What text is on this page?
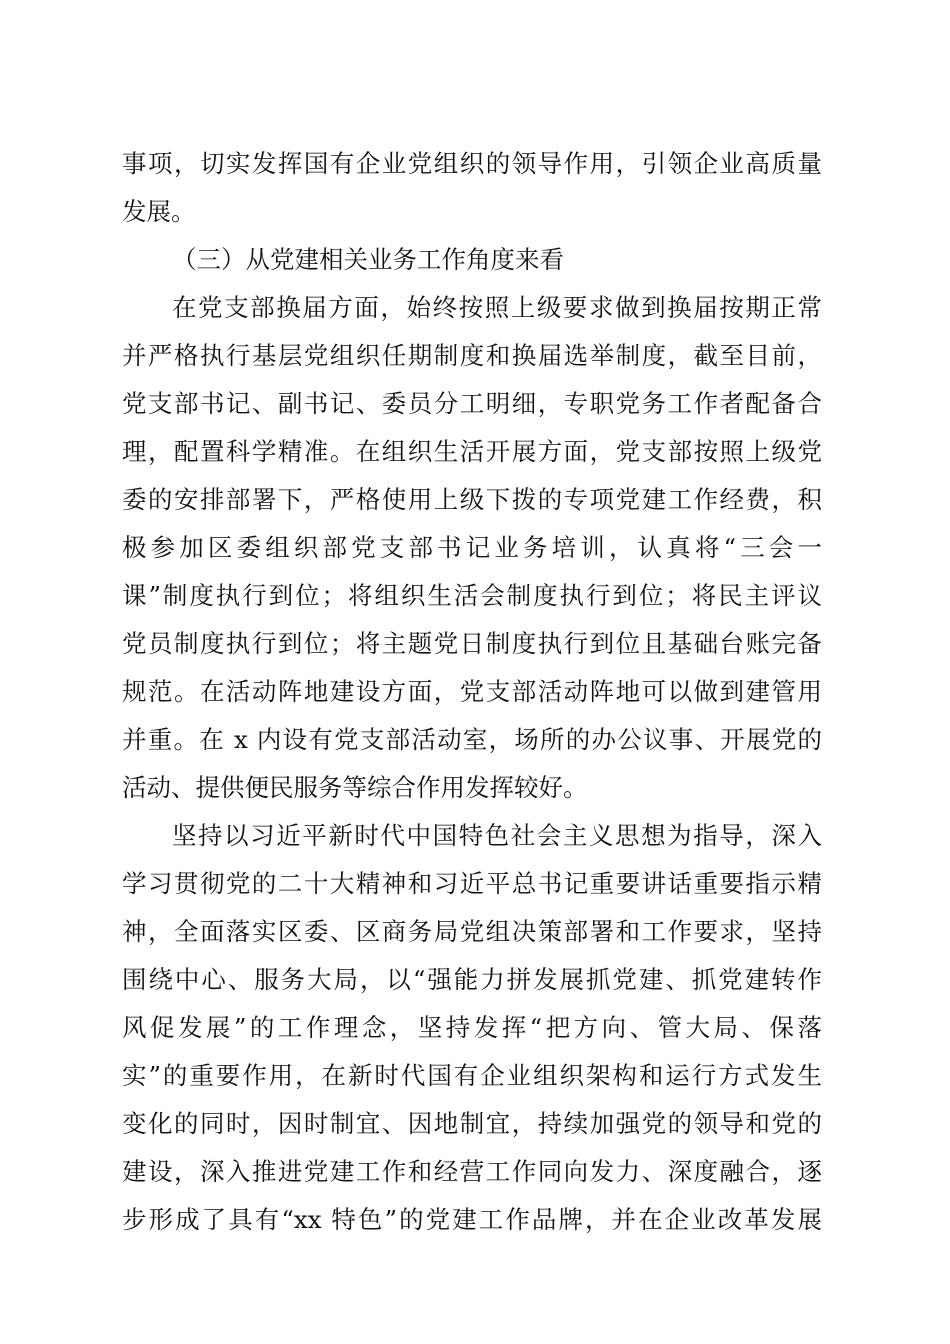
事项，切实发挥国有企业党组织的领导作用，引领企业高质量
发展。
（三）从党建相关业务工作角度来看
在党支部换届方面，始终按照上级要求做到换届按期正常
并严格执行基层党组织任期制度和换届选举制度，截至目前，
党支部书记、副书记、委员分工明细，专职党务工作者配备合
理，配置科学精准。在组织生活开展方面，党支部按照上级党
委的安排部署下，严格使用上级下拨的专项党建工作经费，积
极参加区委组织部党支部书记业务培训，认真将“三会一
课”制度执行到位；将组织生活会制度执行到位；将民主评议
党员制度执行到位；将主题党日制度执行到位且基础台账完备
规范。在活动阵地建设方面，党支部活动阵地可以做到建管用
并重。在 x 内设有党支部活动室，场所的办公议事、开展党的
活动、提供便民服务等综合作用发挥较好。
坚持以习近平新时代中国特色社会主义思想为指导，深入
学习贯彻党的二十大精神和习近平总书记重要讲话重要指示精
神，全面落实区委、区商务局党组决策部署和工作要求，坚持
围绕中心、服务大局，以“强能力拼发展抓党建、抓党建转作
风促发展”的工作理念，坚持发挥“把方向、管大局、保落
实”的重要作用，在新时代国有企业组织架构和运行方式发生
变化的同时，因时制宜、因地制宜，持续加强党的领导和党的
建设，深入推进党建工作和经营工作同向发力、深度融合，逐
步形成了具有“xx 特色”的党建工作品牌，并在企业改革发展
